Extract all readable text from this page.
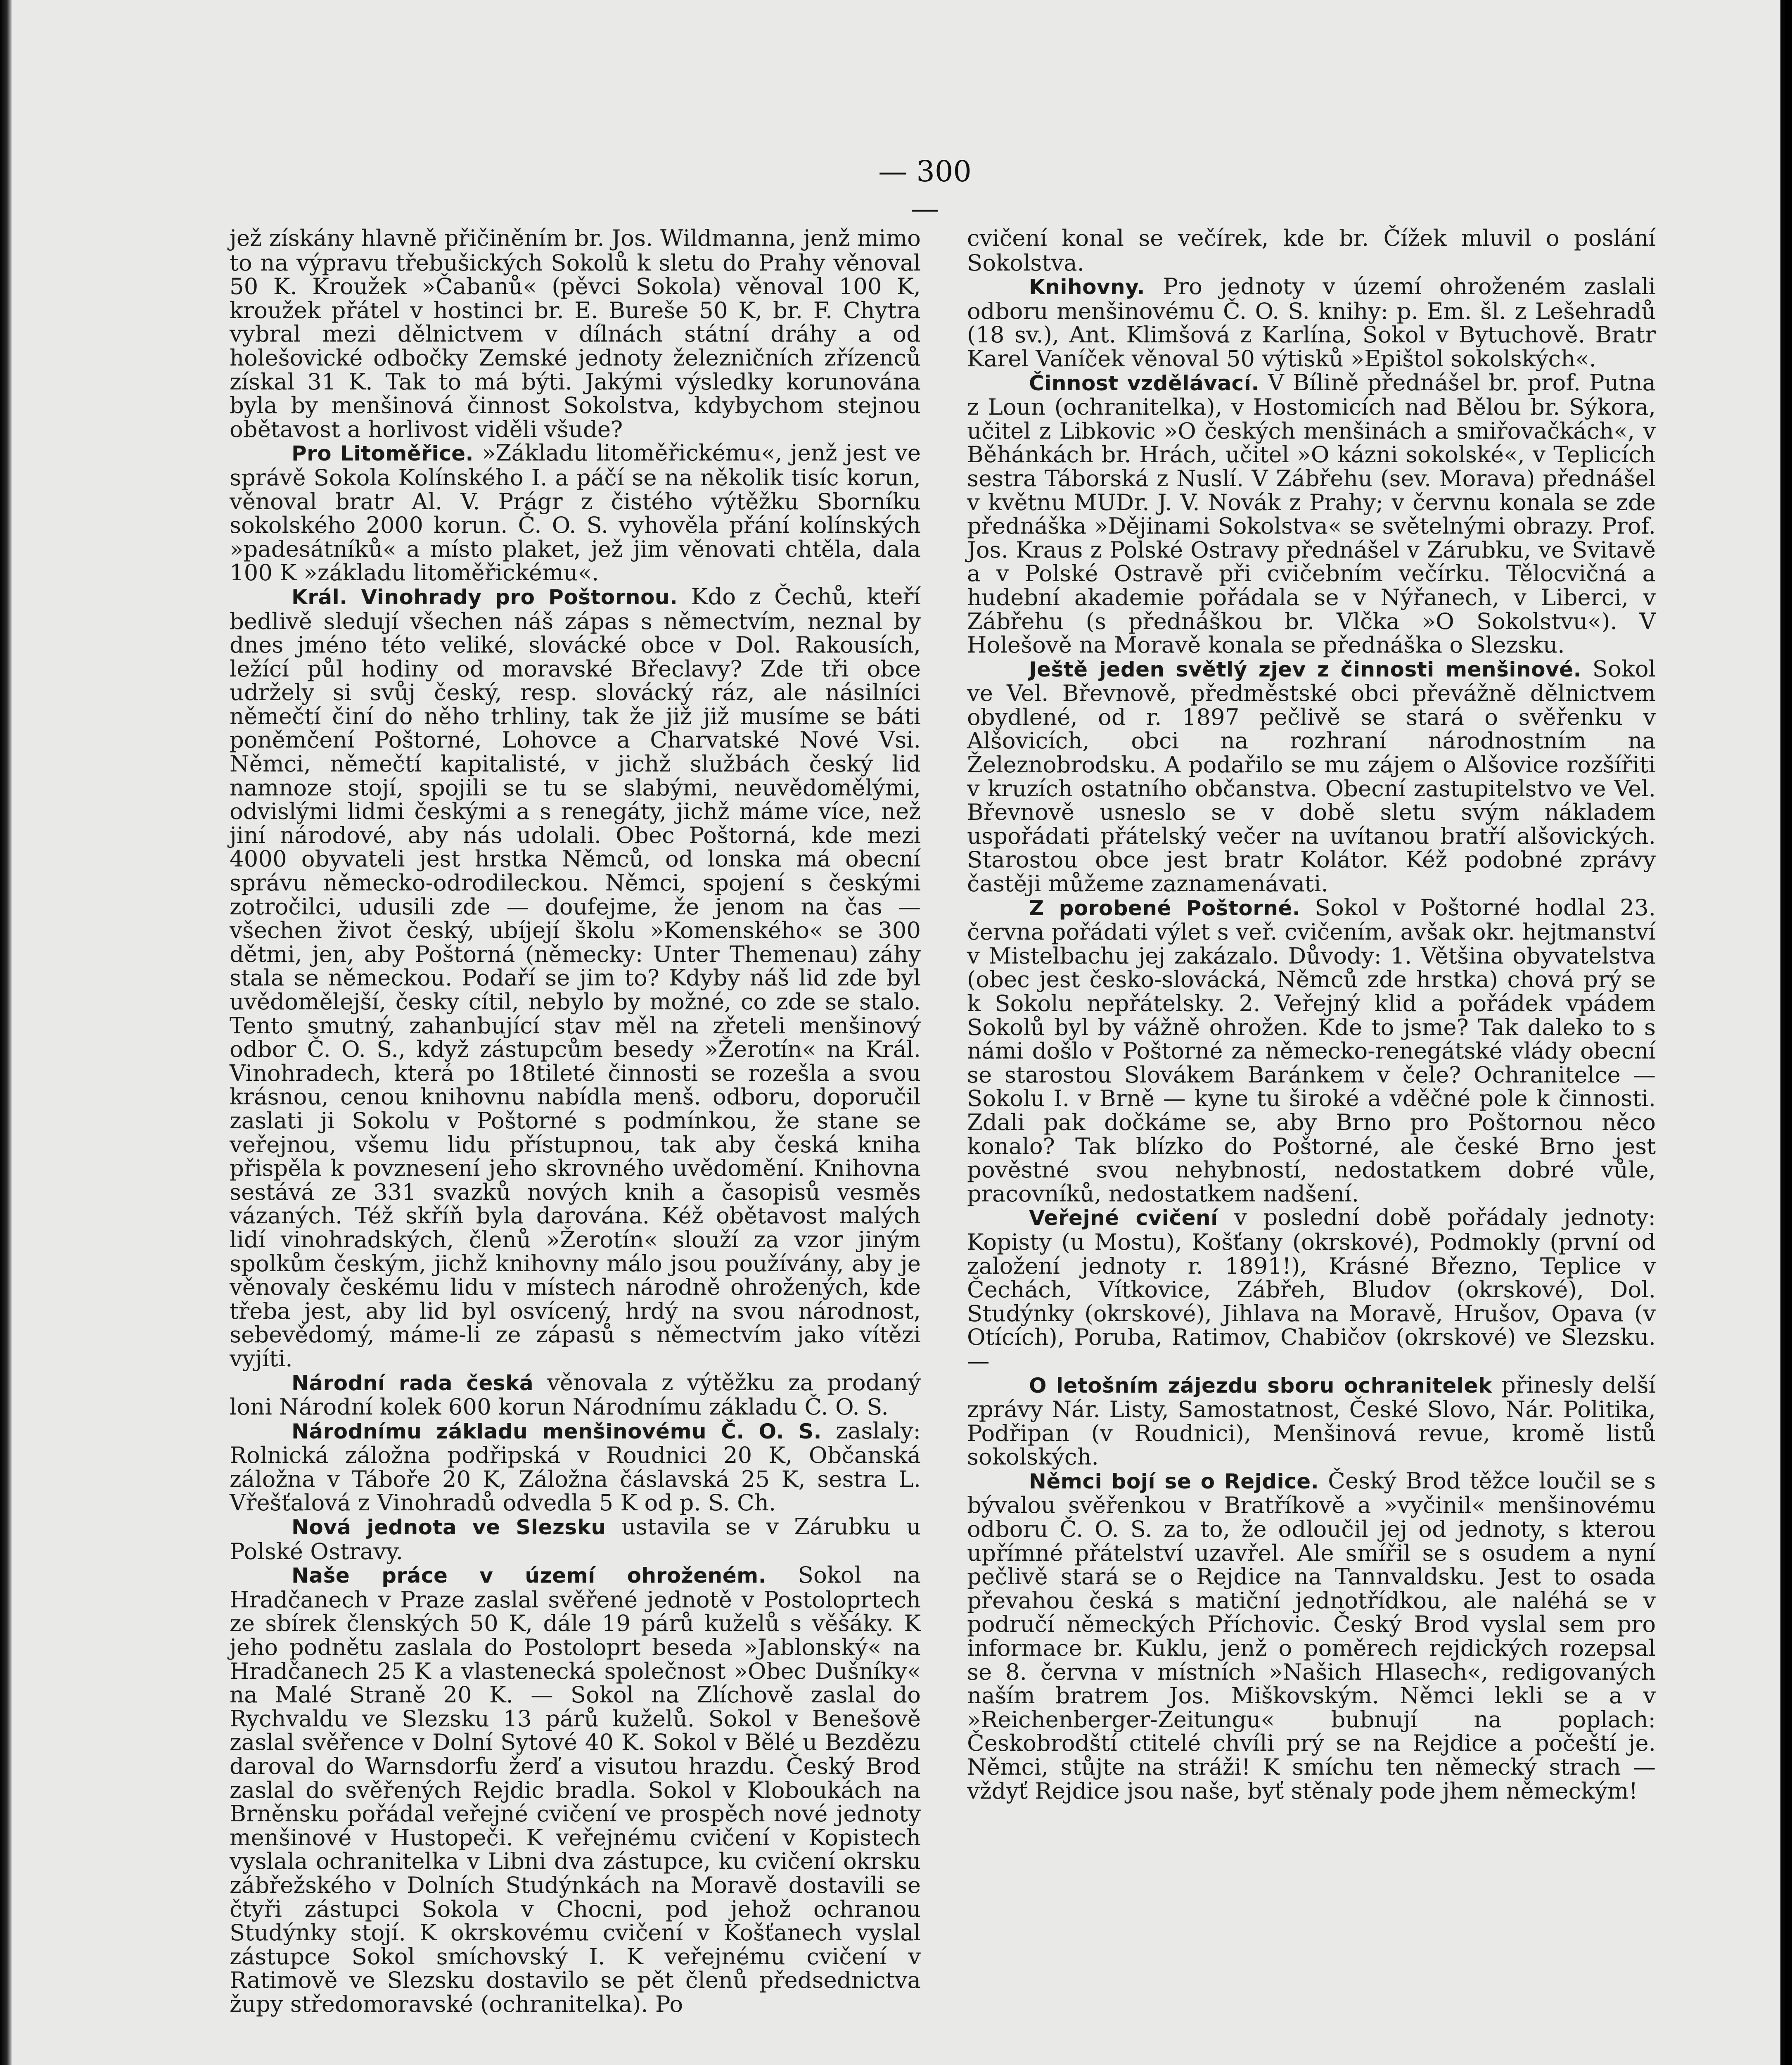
— 300 —

jež získány hlavně přičiněním br. Jos. Wildmanna, jenž mimo to na výpravu třebušických Sokolů k sletu do Prahy věnoval 50 K. Kroužek »Čabanů« (pěvci Sokola) věnoval 100 K, kroužek přátel v hostinci br. E. Bureše 50 K, br. F. Chytra vybral mezi dělnictvem v dílnách státní dráhy a od holešovické odbočky Zemské jednoty železničních zřízenců získal 31 K. Tak to má býti. Jakými výsledky korunována byla by menšinová činnost Sokolstva, kdybychom stejnou obětavost a horlivost viděli všude?

Pro Litoměřice. »Základu litoměřickému«, jenž jest ve správě Sokola Kolínského I. a páčí se na několik tisíc korun, věnoval bratr Al. V. Prágr z čistého výtěžku Sborníku sokolského 2000 korun. Č. O. S. vyhověla přání kolínských »padesátníků« a místo plaket, jež jim věnovati chtěla, dala 100 K »základu litoměřickému«.

Král. Vinohrady pro Poštornou. Kdo z Čechů, kteří bedlivě sledují všechen náš zápas s němectvím, neznal by dnes jméno této veliké, slovácké obce v Dol. Rakousích, ležící půl hodiny od moravské Břeclavy? Zde tři obce udržely si svůj český, resp. slovácký ráz, ale násilníci němečtí činí do něho trhliny, tak že již již musíme se báti poněmčení Poštorné, Lohovce a Charvatské Nové Vsi. Němci, němečtí kapitalisté, v jichž službách český lid namnoze stojí, spojili se tu se slabými, neuvědomělými, odvislými lidmi českými a s renegáty, jichž máme více, než jiní národové, aby nás udolali. Obec Poštorná, kde mezi 4000 obyvateli jest hrstka Němců, od lonska má obecní správu německo-odrodileckou. Němci, spojení s českými zotročilci, udusili zde — doufejme, že jenom na čas — všechen život český, ubíjejí školu »Komenského« se 300 dětmi, jen, aby Poštorná (německy: Unter Themenau) záhy stala se německou. Podaří se jim to? Kdyby náš lid zde byl uvědomělejší, česky cítil, nebylo by možné, co zde se stalo. Tento smutný, zahanbující stav měl na zřeteli menšinový odbor Č. O. S., když zástupcům besedy »Žerotín« na Král. Vinohradech, která po 18tileté činnosti se rozešla a svou krásnou, cenou knihovnu nabídla menš. odboru, doporučil zaslati ji Sokolu v Poštorné s podmínkou, že stane se veřejnou, všemu lidu přístupnou, tak aby česká kniha přispěla k povznesení jeho skrovného uvědomění. Knihovna sestává ze 331 svazků nových knih a časopisů vesměs vázaných. Též skříň byla darována. Kéž obětavost malých lidí vinohradských, členů »Žerotín« slouží za vzor jiným spolkům českým, jichž knihovny málo jsou používány, aby je věnovaly českému lidu v místech národně ohrožených, kde třeba jest, aby lid byl osvícený, hrdý na svou národnost, sebevědomý, máme-li ze zápasů s němectvím jako vítězi vyjíti.

Národní rada česká věnovala z výtěžku za prodaný loni Národní kolek 600 korun Národnímu základu Č. O. S.

Národnímu základu menšinovému Č. O. S. zaslaly: Rolnická záložna podřipská v Roudnici 20 K, Občanská záložna v Táboře 20 K, Záložna čáslavská 25 K, sestra L. Vřešťalová z Vinohradů odvedla 5 K od p. S. Ch.

Nová jednota ve Slezsku ustavila se v Zárubku u Polské Ostravy.

Naše práce v území ohroženém. Sokol na Hradčanech v Praze zaslal svěřené jednotě v Postoloprtech ze sbírek členských 50 K, dále 19 párů kuželů s věšáky. K jeho podnětu zaslala do Postoloprt beseda »Jablonský« na Hradčanech 25 K a vlastenecká společnost »Obec Dušníky« na Malé Straně 20 K. — Sokol na Zlíchově zaslal do Rychvaldu ve Slezsku 13 párů kuželů. Sokol v Benešově zaslal svěřence v Dolní Sytové 40 K. Sokol v Bělé u Bezdězu daroval do Warnsdorfu žerď a visutou hrazdu. Český Brod zaslal do svěřených Rejdic bradla. Sokol v Kloboukách na Brněnsku pořádal veřejné cvičení ve prospěch nové jednoty menšinové v Hustopeči. K veřejnému cvičení v Kopistech vyslala ochranitelka v Libni dva zástupce, ku cvičení okrsku zábřežského v Dolních Studýnkách na Moravě dostavili se čtyři zástupci Sokola v Chocni, pod jehož ochranou Studýnky stojí. K okrskovému cvičení v Košťanech vyslal zástupce Sokol smíchovský I. K veřejnému cvičení v Ratimově ve Slezsku dostavilo se pět členů předsednictva župy středomoravské (ochranitelka). Po

cvičení konal se večírek, kde br. Čížek mluvil o poslání Sokolstva.

Knihovny. Pro jednoty v území ohroženém zaslali odboru menšinovému Č. O. S. knihy: p. Em. šl. z Lešehradů (18 sv.), Ant. Klimšová z Karlína, Sokol v Bytuchově. Bratr Karel Vaníček věnoval 50 výtisků »Epištol sokolských«.

Činnost vzdělávací. V Bílině přednášel br. prof. Putna z Loun (ochranitelka), v Hostomicích nad Bělou br. Sýkora, učitel z Libkovic »O českých menšinách a smiřovačkách«, v Běhánkách br. Hrách, učitel »O kázni sokolské«, v Teplicích sestra Táborská z Nuslí. V Zábřehu (sev. Morava) přednášel v květnu MUDr. J. V. Novák z Prahy; v červnu konala se zde přednáška »Dějinami Sokolstva« se světelnými obrazy. Prof. Jos. Kraus z Polské Ostravy přednášel v Zárubku, ve Svitavě a v Polské Ostravě při cvičebním večírku. Tělocvičná a hudební akademie pořádala se v Nýřanech, v Liberci, v Zábřehu (s přednáškou br. Vlčka »O Sokolstvu«). V Holešově na Moravě konala se přednáška o Slezsku.

Ještě jeden světlý zjev z činnosti menšinové. Sokol ve Vel. Břevnově, předměstské obci převážně dělnictvem obydlené, od r. 1897 pečlivě se stará o svěřenku v Alšovicích, obci na rozhraní národnostním na Železnobrodsku. A podařilo se mu zájem o Alšovice rozšířiti v kruzích ostatního občanstva. Obecní zastupitelstvo ve Vel. Břevnově usneslo se v době sletu svým nákladem uspořádati přátelský večer na uvítanou bratří alšovických. Starostou obce jest bratr Kolátor. Kéž podobné zprávy častěji můžeme zaznamenávati.

Z porobené Poštorné. Sokol v Poštorné hodlal 23. června pořádati výlet s veř. cvičením, avšak okr. hejtmanství v Mistelbachu jej zakázalo. Důvody: 1. Většina obyvatelstva (obec jest česko-slovácká, Němců zde hrstka) chová prý se k Sokolu nepřátelsky. 2. Veřejný klid a pořádek vpádem Sokolů byl by vážně ohrožen. Kde to jsme? Tak daleko to s námi došlo v Poštorné za německo-renegátské vlády obecní se starostou Slovákem Baránkem v čele? Ochranitelce — Sokolu I. v Brně — kyne tu široké a vděčné pole k činnosti. Zdali pak dočkáme se, aby Brno pro Poštornou něco konalo? Tak blízko do Poštorné, ale české Brno jest pověstné svou nehybností, nedostatkem dobré vůle, pracovníků, nedostatkem nadšení.

Veřejné cvičení v poslední době pořádaly jednoty: Kopisty (u Mostu), Košťany (okrskové), Podmokly (první od založení jednoty r. 1891!), Krásné Březno, Teplice v Čechách, Vítkovice, Zábřeh, Bludov (okrskové), Dol. Studýnky (okrskové), Jihlava na Moravě, Hrušov, Opava (v Otících), Poruba, Ratimov, Chabičov (okrskové) ve Slezsku. —

O letošním zájezdu sboru ochranitelek přinesly delší zprávy Nár. Listy, Samostatnost, České Slovo, Nár. Politika, Podřipan (v Roudnici), Menšinová revue, kromě listů sokolských.

Němci bojí se o Rejdice. Český Brod těžce loučil se s bývalou svěřenkou v Bratříkově a »vyčinil« menšinovému odboru Č. O. S. za to, že odloučil jej od jednoty, s kterou upřímné přátelství uzavřel. Ale smířil se s osudem a nyní pečlivě stará se o Rejdice na Tannvaldsku. Jest to osada převahou česká s matiční jednotřídkou, ale naléhá se v područí německých Příchovic. Český Brod vyslal sem pro informace br. Kuklu, jenž o poměrech rejdických rozepsal se 8. června v místních »Našich Hlasech«, redigovaných naším bratrem Jos. Miškovským. Němci lekli se a v »Reichenberger-Zeitungu« bubnují na poplach: Českobrodští ctitelé chvíli prý se na Rejdice a počeští je. Němci, stůjte na stráži! K smíchu ten německý strach — vždyť Rejdice jsou naše, byť stěnaly pode jhem německým!
